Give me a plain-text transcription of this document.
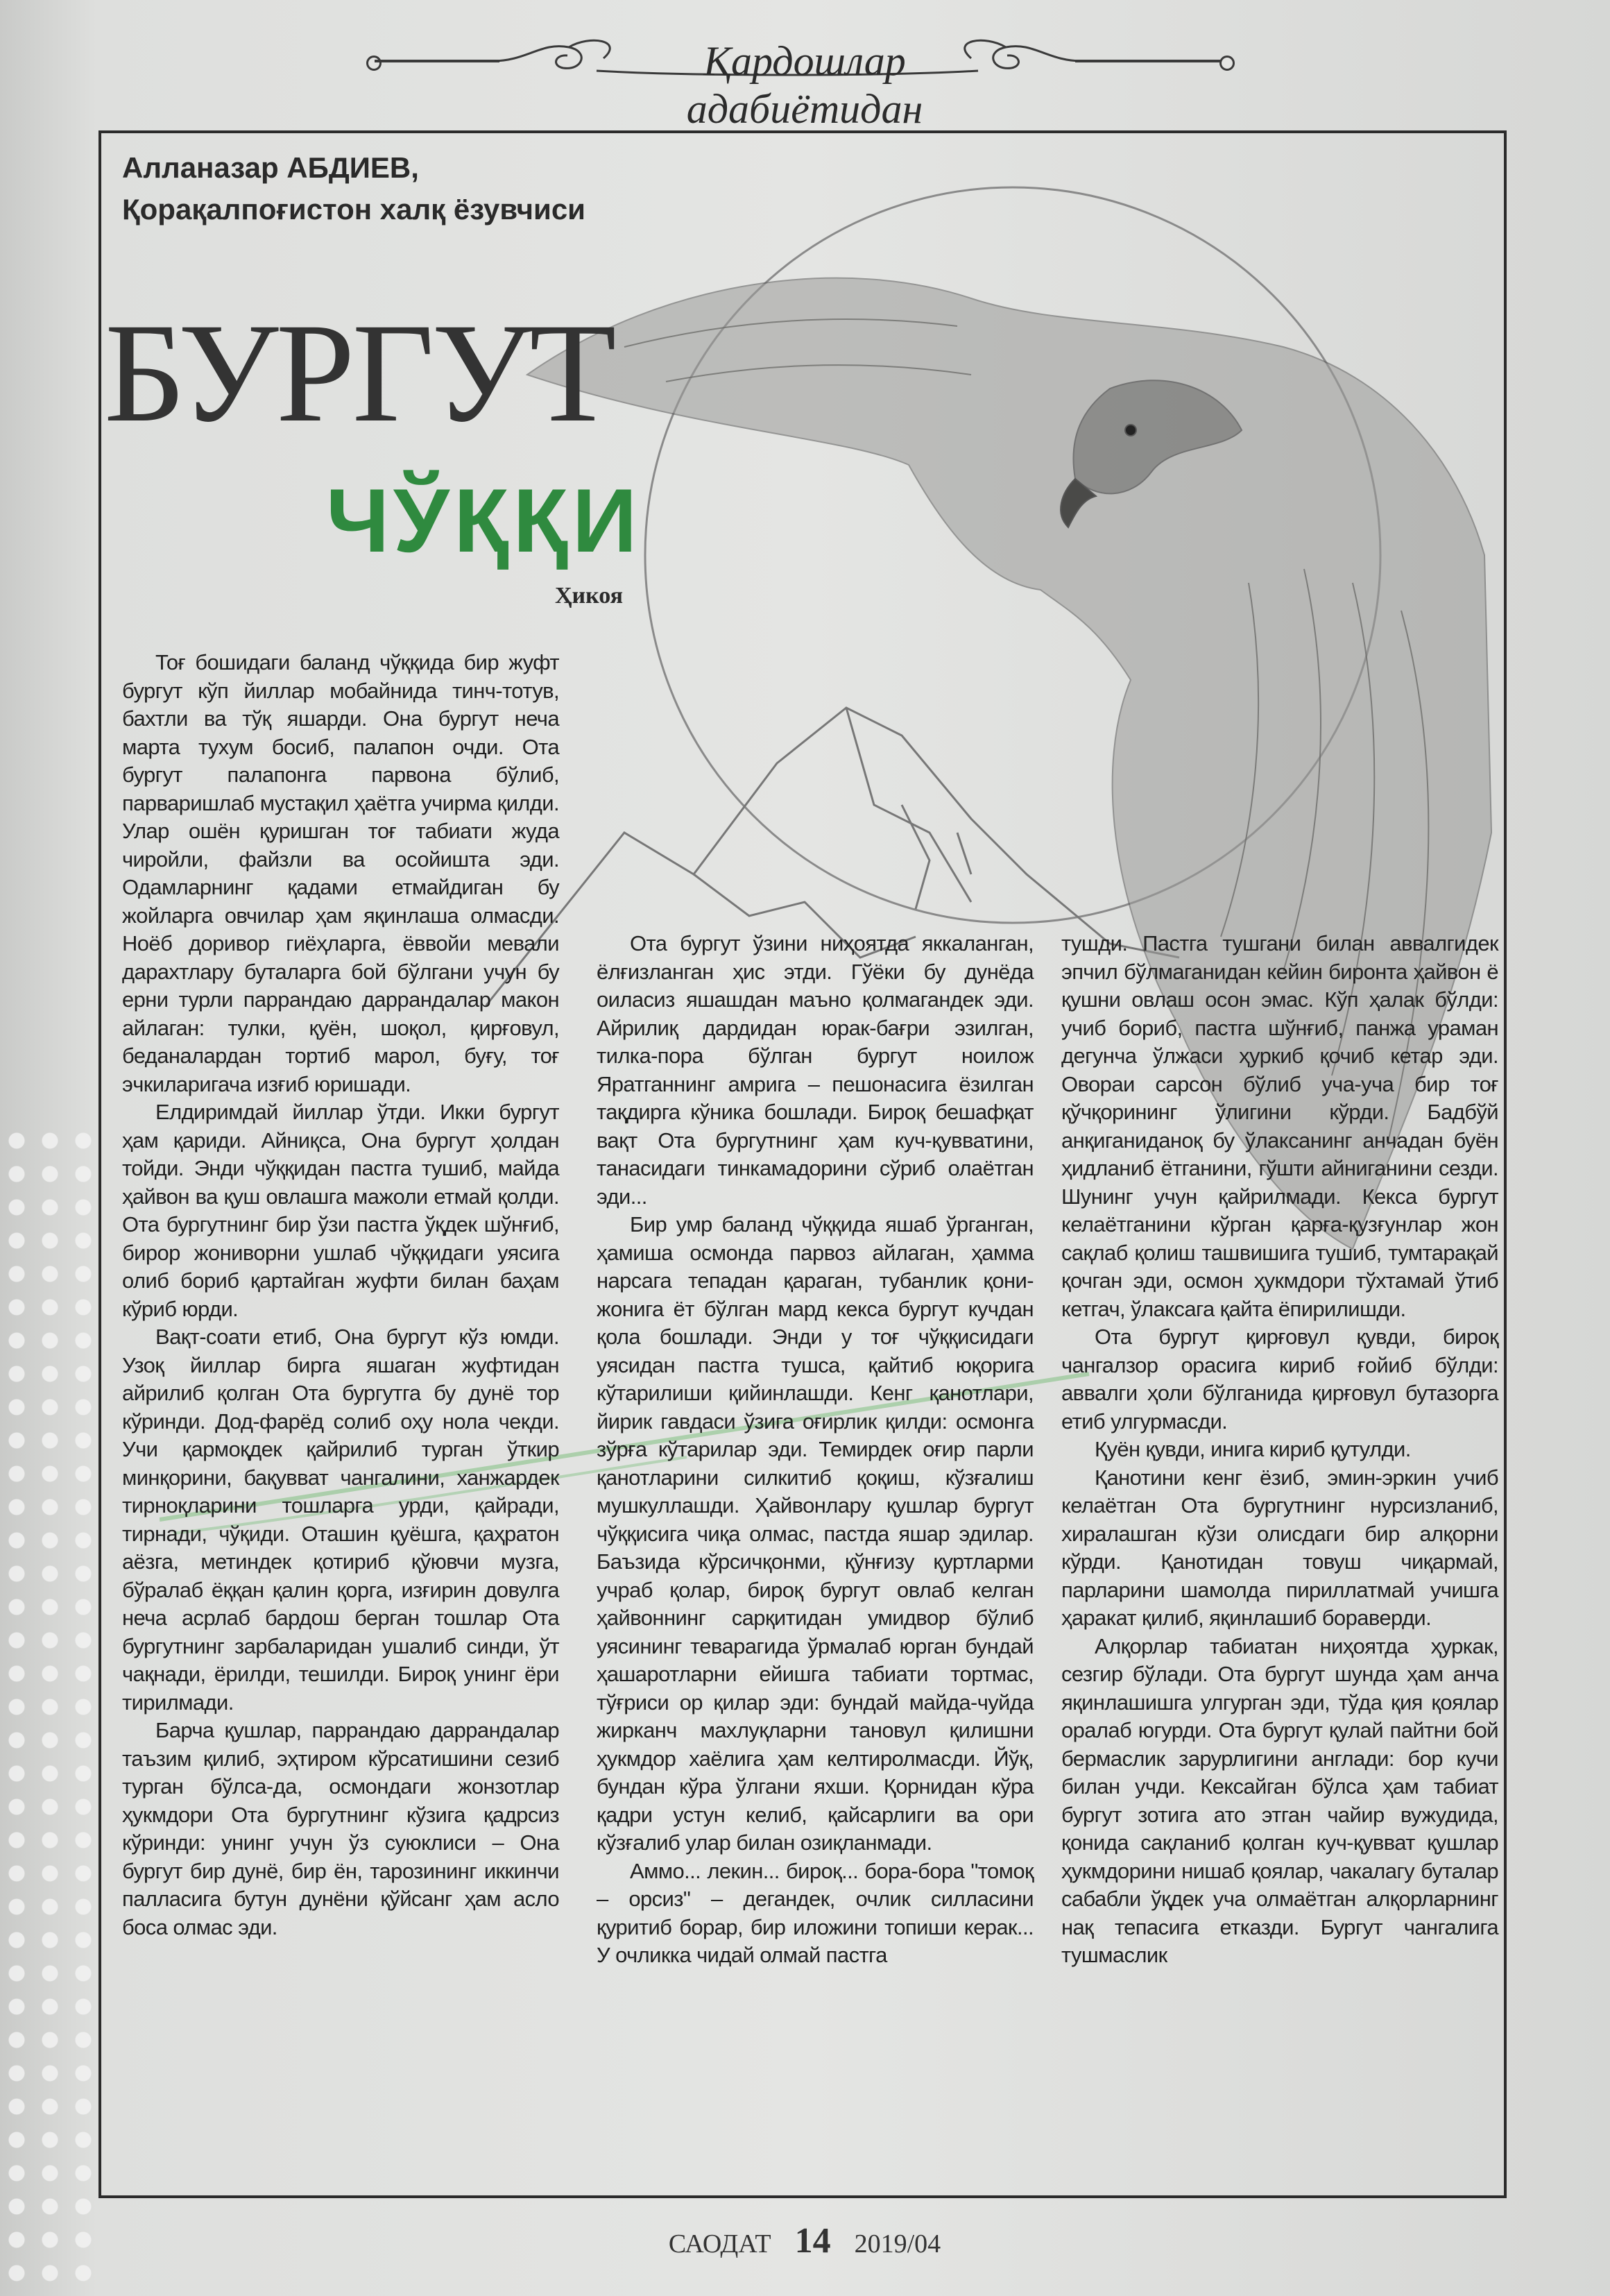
Қардошлар адабиётидан
Алланазар АБДИЕВ,
Қорақалпоғистон халқ ёзувчиси
БУРГУТ
ЧЎҚҚИ
Ҳикоя

Тоғ бошидаги баланд чўққида бир жуфт бургут кўп йиллар мобайнида тинч-тотув, бахтли ва тўқ яшарди. Она бургут неча марта тухум босиб, палапон очди. Ота бургут палапонга парвона бўлиб, парваришлаб мустақил ҳаётга учирма қилди. Улар ошён қуришган тоғ табиати жуда чиройли, файзли ва осойишта эди. Одамларнинг қадами етмайдиган бу жойларга овчилар ҳам яқинлаша олмасди. Ноёб доривор гиёҳларга, ёввойи мевали дарахтлару буталарга бой бўлгани учун бу ерни турли паррандаю даррандалар макон айлаган: тулки, қуён, шоқол, қирғовул, беданалардан тортиб марол, буғу, тоғ эчкиларигача изғиб юришади.

Елдиримдай йиллар ўтди. Икки бургут ҳам қариди. Айниқса, Она бургут ҳолдан тойди. Энди чўққидан пастга тушиб, майда ҳайвон ва қуш овлашга мажоли етмай қолди. Ота бургутнинг бир ўзи пастга ўқдек шўнғиб, бирор жониворни ушлаб чўққидаги уясига олиб бориб қартайган жуфти билан баҳам кўриб юрди.

Вақт-соати етиб, Она бургут кўз юмди. Узоқ йиллар бирга яшаган жуфтидан айрилиб қолган Ота бургутга бу дунё тор кўринди. Дод-фарёд солиб оҳу нола чекди. Учи қармоқдек қайрилиб турган ўткир минқорини, бақувват чангалини, ханжардек тирноқларини тошларга урди, қайради, тирнади, чўқиди. Оташин қуёшга, қаҳратон аёзга, метиндек қотириб қўювчи музга, бўралаб ёққан қалин қорга, изғирин довулга неча асрлаб бардош берган тошлар Ота бургутнинг зарбаларидан ушалиб синди, ўт чақнади, ёрилди, тешилди. Бироқ унинг ёри тирилмади.

Барча қушлар, паррандаю даррандалар таъзим қилиб, эҳтиром кўрсатишини сезиб турган бўлса-да, осмондаги жонзотлар ҳукмдори Ота бургутнинг кўзига қадрсиз кўринди: унинг учун ўз суюклиси – Она бургут бир дунё, бир ён, тарозининг иккинчи палласига бутун дунёни қўйсанг ҳам асло боса олмас эди.

Ота бургут ўзини ниҳоятда яккаланган, ёлғизланган ҳис этди. Гўёки бу дунёда оиласиз яшашдан маъно қолмагандек эди. Айрилиқ дардидан юрак-бағри эзилган, тилка-пора бўлган бургут ноилож Яратганнинг амрига – пешонасига ёзилган тақдирга кўника бошлади. Бироқ бешафқат вақт Ота бургутнинг ҳам куч-қувватини, танасидаги тинкамадорини сўриб олаётган эди...

Бир умр баланд чўққида яшаб ўрганган, ҳамиша осмонда парвоз айлаган, ҳамма нарсага тепадан қараган, тубанлик қони-жонига ёт бўлган мард кекса бургут кучдан қола бошлади. Энди у тоғ чўққисидаги уясидан пастга тушса, қайтиб юқорига кўтарилиши қийинлашди. Кенг қанотлари, йирик гавдаси ўзига оғирлик қилди: осмонга зўрға кўтарилар эди. Темирдек оғир парли қанотларини силкитиб қоқиш, кўзғалиш мушкуллашди. Ҳайвонлару қушлар бургут чўққисига чиқа олмас, пастда яшар эдилар. Баъзида кўрсичқонми, қўнғизу қуртларми учраб қолар, бироқ бургут овлаб келган ҳайвоннинг сарқитидан умидвор бўлиб уясининг теварагида ўрмалаб юрган бундай ҳашаротларни ейишга табиати тортмас, тўғриси ор қилар эди: бундай майда-чуйда жирканч махлуқларни тановул қилишни ҳукмдор хаёлига ҳам келтиролмасди. Йўқ, бундан кўра ўлгани яхши. Қорнидан кўра қадри устун келиб, қайсарлиги ва ори кўзғалиб улар билан озиқланмади.

Аммо... лекин... бироқ... бора-бора "томоқ – орсиз" – дегандек, очлик силласини қуритиб борар, бир иложини топиши керак... У очликка чидай олмай пастга

тушди. Пастга тушгани билан аввалгидек эпчил бўлмаганидан кейин биронта ҳайвон ё қушни овлаш осон эмас. Кўп ҳалак бўлди: учиб бориб, пастга шўнғиб, панжа ураман дегунча ўлжаси ҳуркиб қочиб кетар эди. Овораи сарсон бўлиб уча-уча бир тоғ қўчқорининг ўлигини кўрди. Бадбўй анқиганиданоқ бу ўлаксанинг анчадан буён ҳидланиб ётганини, гўшти айниганини сезди. Шунинг учун қайрилмади. Кекса бургут келаётганини кўрган қарға-қузғунлар жон сақлаб қолиш ташвишига тушиб, тумтарақай қочган эди, осмон ҳукмдори тўхтамай ўтиб кетгач, ўлаксага қайта ёпирилишди.

Ота бургут қирғовул қувди, бироқ чангалзор орасига кириб ғойиб бўлди: аввалги ҳоли бўлганида қирғовул бутазорга етиб улгурмасди.

Қуён қувди, инига кириб қутулди.

Қанотини кенг ёзиб, эмин-эркин учиб келаётган Ота бургутнинг нурсизланиб, хиралашган кўзи олисдаги бир алқорни кўрди. Қанотидан товуш чиқармай, парларини шамолда пириллатмай учишга ҳаракат қилиб, яқинлашиб бораверди.

Алқорлар табиатан ниҳоятда ҳуркак, сезгир бўлади. Ота бургут шунда ҳам анча яқинлашишга улгурган эди, тўда қия қоялар оралаб югурди. Ота бургут қулай пайтни бой бермаслик зарурлигини англади: бор кучи билан учди. Кексайган бўлса ҳам табиат бургут зотига ато этган чайир вужудида, қонида сақланиб қолган куч-қувват қушлар ҳукмдорини нишаб қоялар, чакалагу буталар сабабли ўқдек уча олмаётган алқорларнинг нақ тепасига етказди. Бургут чангалига тушмаслик

САОДАТ 14 2019/04
